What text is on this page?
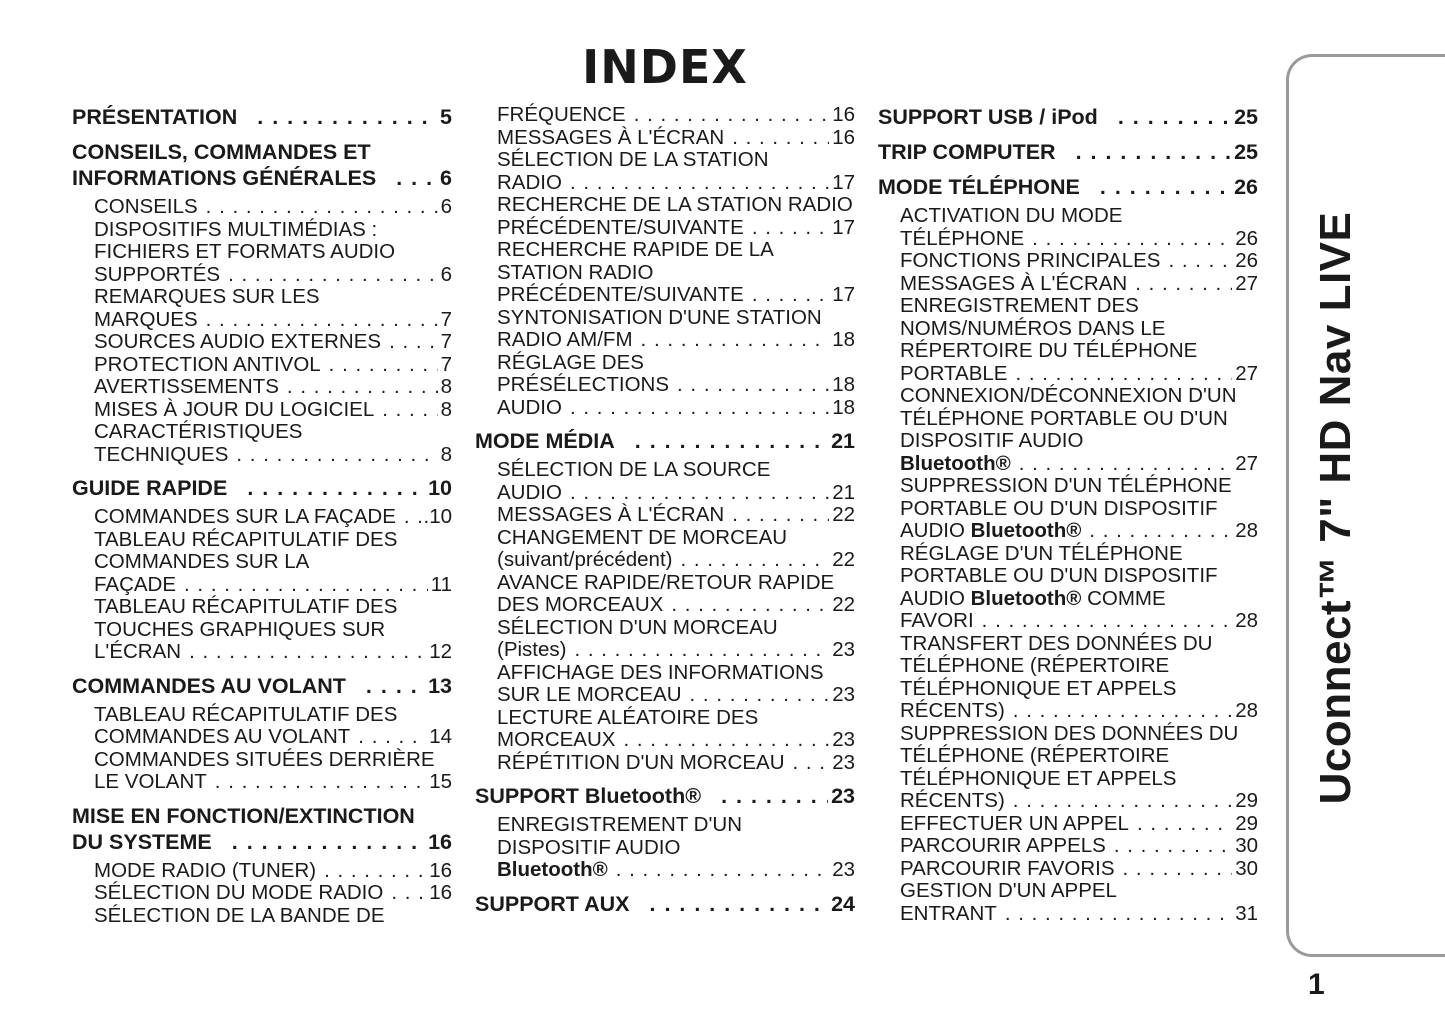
INDEX
PRÉSENTATION . . .	5
CONSEILS, COMMANDES ET
INFORMATIONS GÉNÉRALES . . .	6
CONSEILS . . .	6
DISPOSITIFS MULTIMÉDIAS :
FICHIERS ET FORMATS AUDIO
SUPPORTÉS . . .	6
REMARQUES SUR LES
MARQUES . . .	7
SOURCES AUDIO EXTERNES . . .	7
PROTECTION ANTIVOL . . .	7
AVERTISSEMENTS . . .	8
MISES À JOUR DU LOGICIEL . . .	8
CARACTÉRISTIQUES
TECHNIQUES . . .	8
GUIDE RAPIDE . . .	10
COMMANDES SUR LA FAÇADE . . . .10
TABLEAU RÉCAPITULATIF DES
COMMANDES SUR LA
FAÇADE . . .	11
TABLEAU RÉCAPITULATIF DES
TOUCHES GRAPHIQUES SUR
L'ÉCRAN . . .	12
COMMANDES AU VOLANT . . .	13
TABLEAU RÉCAPITULATIF DES
COMMANDES AU VOLANT . . .	14
COMMANDES SITUÉES DERRIÈRE
LE VOLANT . . .	15
MISE EN FONCTION/EXTINCTION
DU SYSTEME . . .	16
MODE RADIO (TUNER) . . .	16
SÉLECTION DU MODE RADIO . . . 16
SÉLECTION DE LA BANDE DE
FRÉQUENCE . . .	16
MESSAGES À L'ÉCRAN . . .	16
SÉLECTION DE LA STATION
RADIO . . .	17
RECHERCHE DE LA STATION RADIO
PRÉCÉDENTE/SUIVANTE . . .	17
RECHERCHE RAPIDE DE LA
STATION RADIO
PRÉCÉDENTE/SUIVANTE . . .	17
SYNTONISATION D'UNE STATION
RADIO AM/FM . . .	18
RÉGLAGE DES
PRÉSÉLECTIONS . . .	18
AUDIO . . .	18
MODE MÉDIA . . .	21
SÉLECTION DE LA SOURCE
AUDIO . . .	21
MESSAGES À L'ÉCRAN . . .	22
CHANGEMENT DE MORCEAU
(suivant/précédent) . . .	22
AVANCE RAPIDE/RETOUR RAPIDE
DES MORCEAUX . . .	22
SÉLECTION D'UN MORCEAU
(Pistes) . . .	23
AFFICHAGE DES INFORMATIONS
SUR LE MORCEAU . . .	23
LECTURE ALÉATOIRE DES
MORCEAUX . . .	23
RÉPÉTITION D'UN MORCEAU . . . 23
SUPPORT Bluetooth® . . .	23
ENREGISTREMENT D'UN
DISPOSITIF AUDIO
Bluetooth® . . .	23
SUPPORT AUX . . .	24
SUPPORT USB / iPod . . .	25
TRIP COMPUTER . . .	25
MODE TÉLÉPHONE . . .	26
ACTIVATION DU MODE
TÉLÉPHONE . . .	26
FONCTIONS PRINCIPALES . . .	26
MESSAGES À L'ÉCRAN . . .	27
ENREGISTREMENT DES
NOMS/NUMÉROS DANS LE
RÉPERTOIRE DU TÉLÉPHONE
PORTABLE . . .	27
CONNEXION/DÉCONNEXION D'UN
TÉLÉPHONE PORTABLE OU D'UN
DISPOSITIF AUDIO
Bluetooth® . . .	27
SUPPRESSION D'UN TÉLÉPHONE
PORTABLE OU D'UN DISPOSITIF
AUDIO Bluetooth® . . .	28
RÉGLAGE D'UN TÉLÉPHONE
PORTABLE OU D'UN DISPOSITIF
AUDIO Bluetooth® COMME
FAVORI . . .	28
TRANSFERT DES DONNÉES DU
TÉLÉPHONE (RÉPERTOIRE
TÉLÉPHONIQUE ET APPELS
RÉCENTS) . . .	28
SUPPRESSION DES DONNÉES DU
TÉLÉPHONE (RÉPERTOIRE
TÉLÉPHONIQUE ET APPELS
RÉCENTS) . . .	29
EFFECTUER UN APPEL . . .	29
PARCOURIR APPELS . . .	30
PARCOURIR FAVORIS . . .	30
GESTION D'UN APPEL
ENTRANT . . .	31
Uconnect™ 7" HD Nav LIVE
1
